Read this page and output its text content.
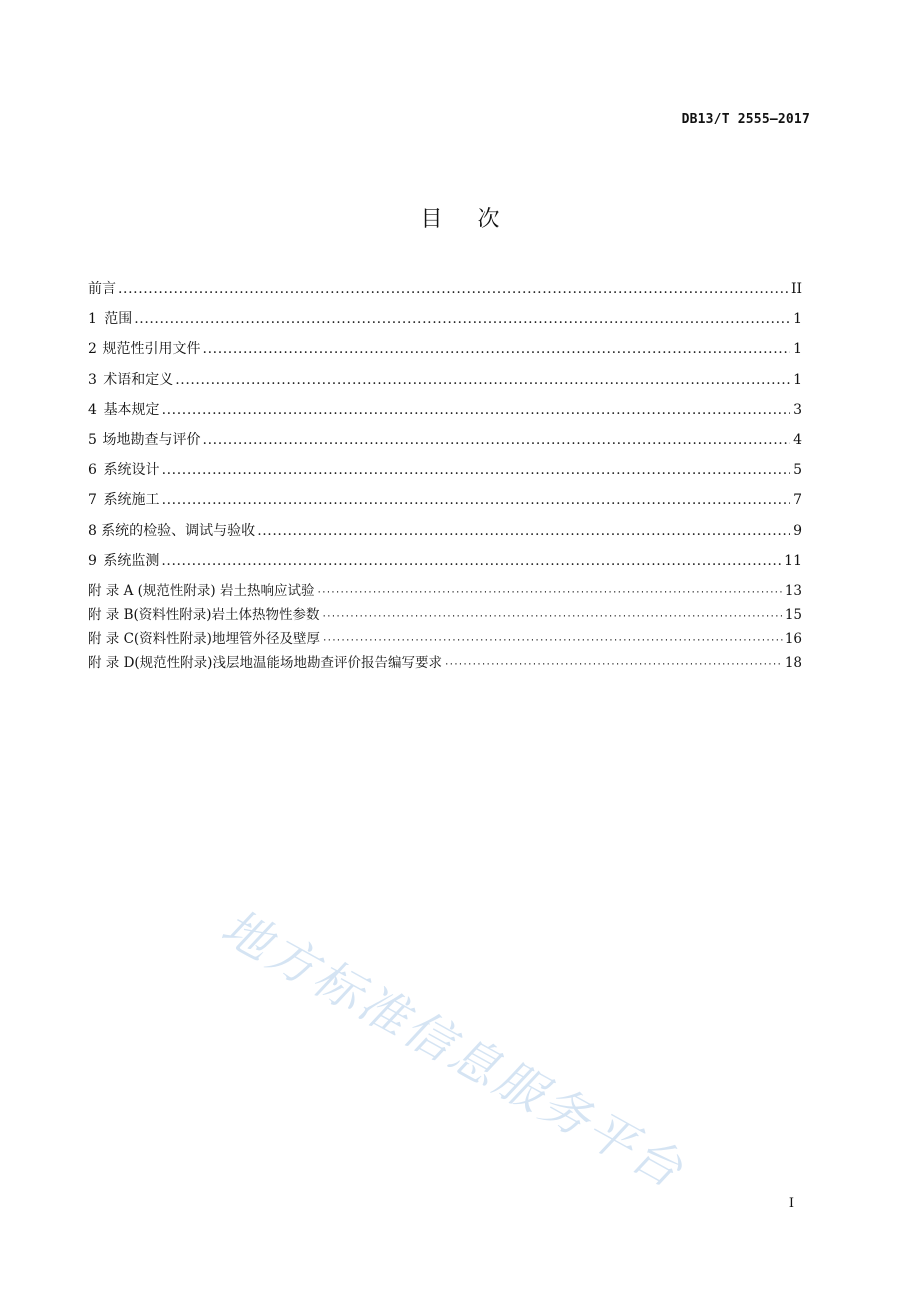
DB13/T 2555—2017
目 次
前言 .....	II
1 范围 .....	1
2 规范性引用文件 .....	1
3 术语和定义 .....	1
4 基本规定 .....	3
5 场地勘查与评价 .....	4
6 系统设计 .....	5
7 系统施工 .....	7
8 系统的检验、调试与验收 .....	9
9 系统监测 .....	11
附 录 A (规范性附录) 岩土热响应试验 ·····	13
附 录 B(资料性附录)岩土体热物性参数 ·····	15
附 录 C(资料性附录)地埋管外径及壁厚 ·····	16
附 录 D(规范性附录)浅层地温能场地勘查评价报告编写要求 ·····	18
地方标准信息服务平台
I
